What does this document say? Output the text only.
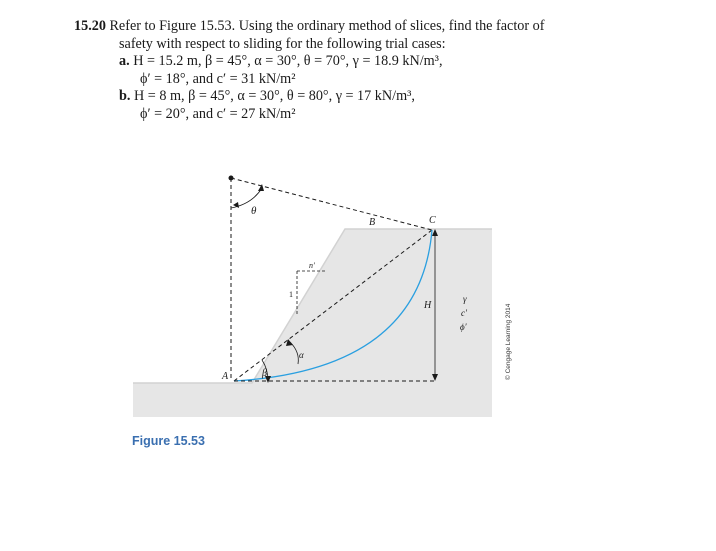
15.20 Refer to Figure 15.53. Using the ordinary method of slices, find the factor of
safety with respect to sliding for the following trial cases:
a. H = 15.2 m, β = 45°, α = 30°, θ = 70°, γ = 18.9 kN/m³,
ϕ′ = 18°, and c′ = 31 kN/m²
b. H = 8 m, β = 45°, α = 30°, θ = 80°, γ = 17 kN/m³,
ϕ′ = 20°, and c′ = 27 kN/m²
θ
B	C
n′
1
H
γ
c′
ϕ′
α
β
A
Figure 15.53
© Cengage Learning 2014
